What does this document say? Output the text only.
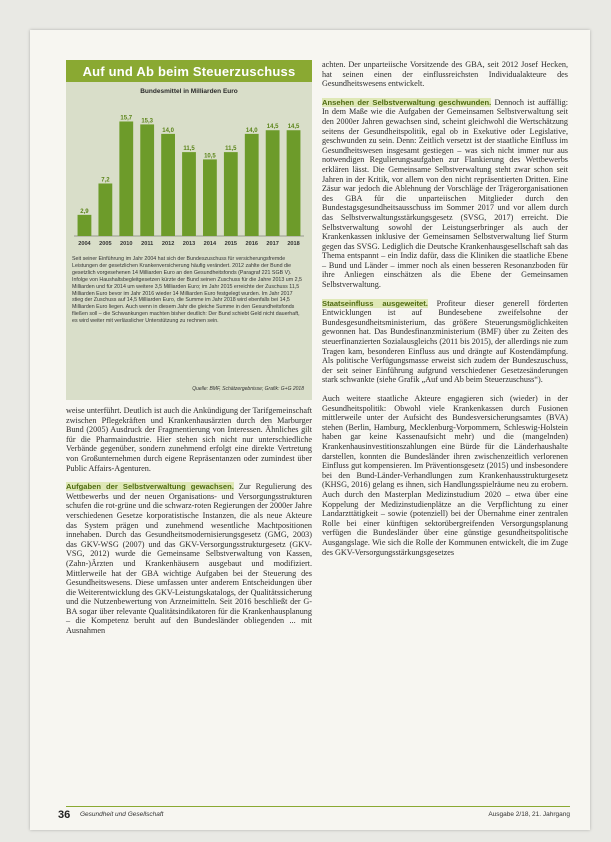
Auf und Ab beim Steuerzuschuss
Bundesmittel in Milliarden Euro
2,9
2004
7,2
2005
15,7
2010
15,3
2011
14,0
2012
11,5
2013
10,5
2014
11,5
2015
14,0
2016
14,5
2017
14,5
2018
Seit seiner Einführung im Jahr 2004 hat sich der Bundeszuschuss für versicherungsfremde Leistungen der gesetzlichen Krankenversicherung häufig verändert. 2012 zahlte der Bund die gesetzlich vorgesehenen 14 Milliarden Euro an den Gesundheitsfonds (Paragraf 221 SGB V). Infolge von Haushaltsbegleitgesetzen kürzte der Bund seinen Zuschuss für die Jahre 2013 um 2,5 Milliarden und für 2014 um weitere 3,5 Milliarden Euro; im Jahr 2015 erreichte der Zuschuss 11,5 Milliarden Euro bevor im Jahr 2016 wieder 14 Milliarden Euro festgelegt wurden. Im Jahr 2017 stieg der Zuschuss auf 14,5 Milliarden Euro, die Summe im Jahr 2018 wird ebenfalls bei 14,5 Milliarden Euro liegen. Auch wenn in diesem Jahr die gleiche Summe in den Gesundheitsfonds fließen soll – die Schwankungen machten bisher deutlich: Der Bund schiebt Geld nicht dauerhaft, es wird weiter mit verlässlicher Unterstützung zu rechnen sein.
Quelle: BMF, Schätzergebnisse; Grafik: G+G 2018

weise unterführt. Deutlich ist auch die Ankündigung der Tarifgemeinschaft zwischen Pflegekräften und Krankenhausärzten durch den Marburger Bund (2005) Ausdruck der Fragmentierung von Interessen. Ähnliches gilt für die Pharmaindustrie. Hier stehen sich nicht nur unterschiedliche Verbände gegenüber, sondern zunehmend erfolgt eine direkte Vertretung von Großunternehmen durch eigene Repräsentanzen oder zumindest über Public Affairs-Agenturen.

Aufgaben der Selbstverwaltung gewachsen. Zur Regulierung des Wettbewerbs und der neuen Organisations- und Versorgungsstrukturen schufen die rot-grüne und die schwarz-roten Regierungen der 2000er Jahre verschiedenen Gesetze korporatistische Instanzen, die als neue Akteure das System prägen und zunehmend wesentliche Machtpositionen innehaben. Durch das Gesundheitsmodernisierungsgesetz (GMG, 2003) das GKV-WSG (2007) und das GKV-Versorgungsstrukturgesetz (GKV-VSG, 2012) wurde die Gemeinsame Selbstverwaltung von Kassen, (Zahn-)Ärzten und Krankenhäusern ausgebaut und modifiziert. Mittlerweile hat der GBA wichtige Aufgaben bei der Steuerung des Gesundheitswesens. Diese umfassen unter anderem Entscheidungen über die Weiterentwicklung des GKV-Leistungskatalogs, der Qualitätssicherung und die Nutzenbewertung von Arzneimitteln. Seit 2016 beschließt der G-BA sogar über relevante Qualitätsindikatoren für die Krankenhausplanung – die Kompetenz beruht auf den Bundesländer obliegenden ... mit Ausnahmen

achten. Der unparteiische Vorsitzende des GBA, seit 2012 Josef Hecken, hat seinen einen der einflussreichsten Individualakteure des Gesundheitswesens entwickelt.

Ansehen der Selbstverwaltung geschwunden. Dennoch ist auffällig: In dem Maße wie die Aufgaben der Gemeinsamen Selbstverwaltung seit den 2000er Jahren gewachsen sind, scheint gleichwohl die Wertschätzung seitens der Gesundheitspolitik, egal ob in Exekutive oder Legislative, geschwunden zu sein. Denn: Zeitlich versetzt ist der staatliche Einfluss im Gesundheitswesen insgesamt gestiegen – was sich nicht immer nur aus notwendigen Regulierungsaufgaben zur Flankierung des Wettbewerbs erklären lässt. Die Gemeinsame Selbstverwaltung steht zwar schon seit Jahren in der Kritik, vor allem von den nicht repräsentierten Dritten. Eine Zäsur war jedoch die Ablehnung der Vorschläge der Trägerorganisationen des GBA für die unparteiischen Mitglieder durch den Bundestagsgesundheitsausschuss im Sommer 2017 und vor allem durch das Selbstverwaltungsstärkungsgesetz (SVSG, 2017) erreicht. Die Selbstverwaltung sowohl der Leistungserbringer als auch der Krankenkassen inklusive der Gemeinsamen Selbstverwaltung lief Sturm gegen das SVSG. Lediglich die Deutsche Krankenhausgesellschaft sah das Thema entspannt – ein Indiz dafür, dass die Kliniken die staatliche Ebene – Bund und Länder – immer noch als einen besseren Resonanzboden für ihre Anliegen einschätzen als die Ebene der Gemeinsamen Selbstverwaltung.

Staatseinfluss ausgeweitet. Profiteur dieser generell förderten Entwicklungen ist auf Bundesebene zweifelsohne der Bundesgesundheitsministerium, das größere Steuerungsmöglichkeiten gewonnen hat. Das Bundesfinanzministerium (BMF) über zu Zeiten des steuerfinanzierten Sozialausgleichs (2011 bis 2015), der allerdings nie zum Tragen kam, besonderen Einfluss aus und drängte auf Kostendämpfung. Als politische Verfügungsmasse erweist sich zudem der Bundeszuschuss, der seit seiner Einführung aufgrund verschiedener Gesetzesänderungen stark schwankte (siehe Grafik „Auf und Ab beim Steuerzuschuss“).

Auch weitere staatliche Akteure engagieren sich (wieder) in der Gesundheitspolitik: Obwohl viele Krankenkassen durch Fusionen mittlerweile unter der Aufsicht des Bundesversicherungsamtes (BVA) stehen (Berlin, Hamburg, Mecklenburg-Vorpommern, Schleswig-Holstein haben gar keine Kassenaufsicht mehr) und die (mangelnden) Krankenhausinvestitionszahlungen eine Bürde für die Länderhaushalte darstellen, konnten die Bundesländer ihren zwischenzeitlich verlorenen Einfluss gut kompensieren. Im Präventionsgesetz (2015) und insbesondere bei den Bund-Länder-Verhandlungen zum Krankenhausstrukturgesetz (KHSG, 2016) gelang es ihnen, sich Handlungsspielräume neu zu erobern. Auch durch den Masterplan Medizinstudium 2020 – etwa über eine Koppelung der Medizinstudienplätze an die Verpflichtung zu einer Landarzttätigkeit – sowie (potenziell) bei der Übernahme einer zentralen Rolle bei einer künftigen sektorübergreifenden Versorgungsplanung verfügen die Bundesländer über eine günstige gesundheitspolitische Ausgangslage. Wie sich die Rolle der Kommunen entwickelt, die im Zuge des GKV-Versorgungsstärkungsgesetzes

36 Gesundheit und Gesellschaft	Ausgabe 2/18, 21. Jahrgang
